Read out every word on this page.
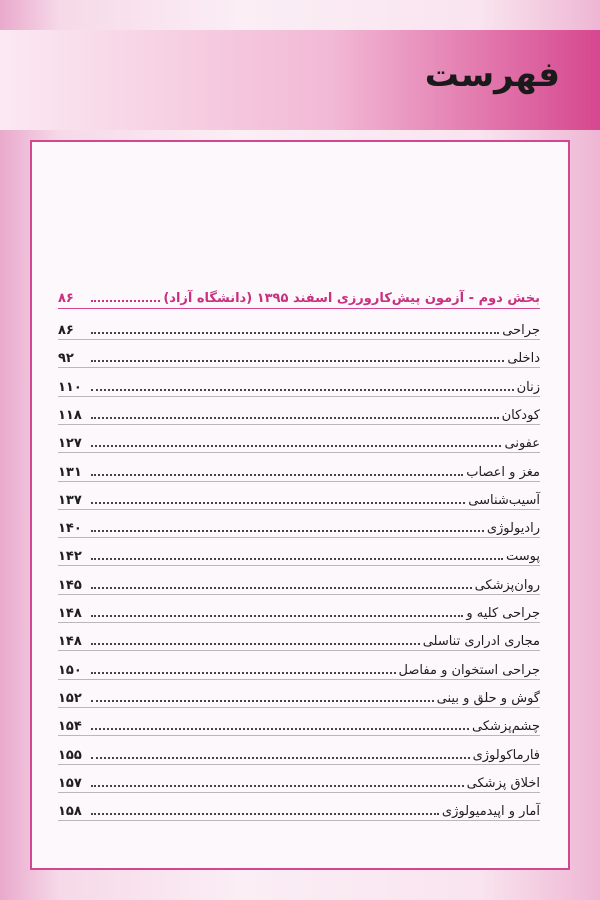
فهرست
بخش دوم - آزمون پیش‌کارورزی اسفند ۱۳۹۵ (دانشگاه آزاد)
۸۶
جراحی
۸۶
داخلی
۹۲
زنان
۱۱۰
کودکان
۱۱۸
عفونی
۱۲۷
مغز و اعصاب
۱۳۱
آسیب‌شناسی
۱۳۷
رادیولوژی
۱۴۰
پوست
۱۴۲
روان‌پزشکی
۱۴۵
جراحی کلیه و
۱۴۸
مجاری ادراری تناسلی
۱۴۸
جراحی استخوان و مفاصل
۱۵۰
گوش و حلق و بینی
۱۵۲
چشم‌پزشکی
۱۵۴
فارماکولوژی
۱۵۵
اخلاق پزشکی
۱۵۷
آمار و اپیدمیولوژی
۱۵۸
